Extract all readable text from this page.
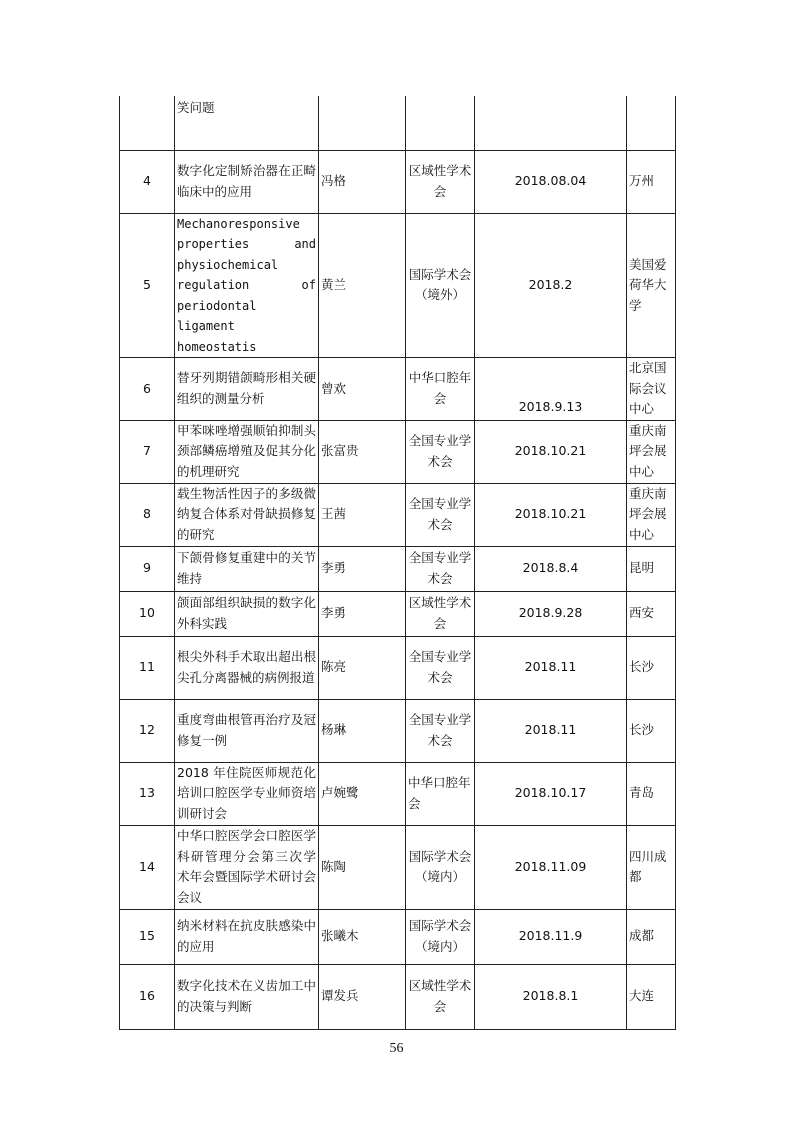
	笑问题				
4	数字化定制矫治器在正畸临床中的应用	冯格	区域性学术会	2018.08.04	万州
5	Mechanoresponsive properties and physiochemical regulation of periodontal ligament homeostatis	黄兰	国际学术会（境外）	2018.2	美国爱荷华大学
6	替牙列期错颌畸形相关硬组织的测量分析	曾欢	中华口腔年会	2018.9.13	北京国际会议中心
7	甲苯咪唑增强顺铂抑制头颈部鳞癌增殖及促其分化的机理研究	张富贵	全国专业学术会	2018.10.21	重庆南坪会展中心
8	载生物活性因子的多级微纳复合体系对骨缺损修复的研究	王茜	全国专业学术会	2018.10.21	重庆南坪会展中心
9	下颌骨修复重建中的关节维持	李勇	全国专业学术会	2018.8.4	昆明
10	颌面部组织缺损的数字化外科实践	李勇	区域性学术会	2018.9.28	西安
11	根尖外科手术取出超出根尖孔分离器械的病例报道	陈亮	全国专业学术会	2018.11	长沙
12	重度弯曲根管再治疗及冠修复一例	杨琳	全国专业学术会	2018.11	长沙
13	2018 年住院医师规范化培训口腔医学专业师资培训研讨会	卢婉鹭	中华口腔年会	2018.10.17	青岛
14	中华口腔医学会口腔医学科研管理分会第三次学 术年会暨国际学术研讨会会议	陈陶	国际学术会（境内）	2018.11.09	四川成都
15	纳米材料在抗皮肤感染中的应用	张曦木	国际学术会（境内）	2018.11.9	成都
16	数字化技术在义齿加工中的决策与判断	谭发兵	区域性学术会	2018.8.1	大连
56
